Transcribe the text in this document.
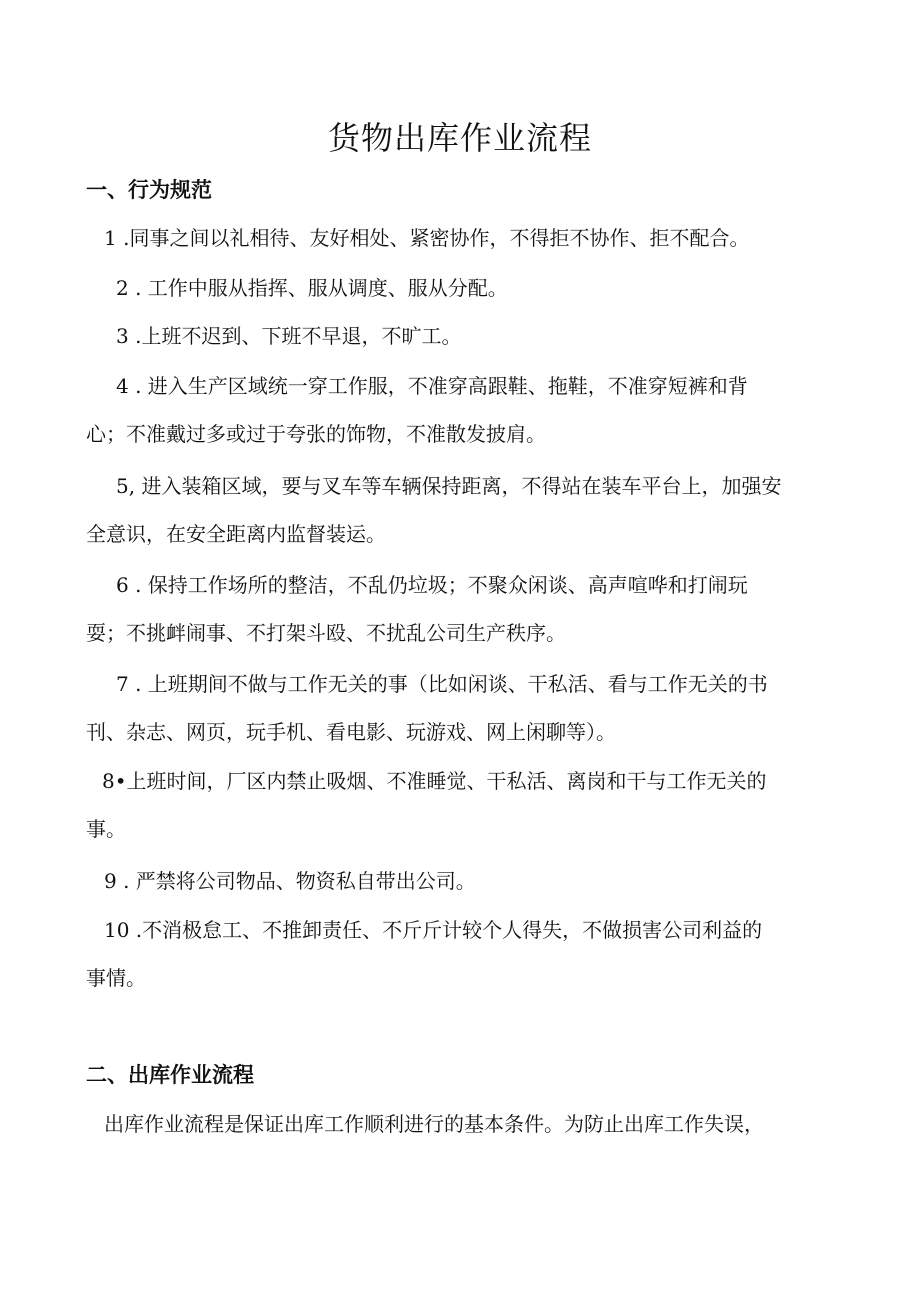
货物出库作业流程
一、行为规范

1 .同事之间以礼相待、友好相处、紧密协作，不得拒不协作、拒不配合。

2 . 工作中服从指挥、服从调度、服从分配。

3 .上班不迟到、下班不早退，不旷工。

4 . 进入生产区域统一穿工作服，不准穿高跟鞋、拖鞋，不准穿短裤和背
心；不准戴过多或过于夸张的饰物，不准散发披肩。

5, 进入装箱区域，要与叉车等车辆保持距离，不得站在装车平台上，加强安
全意识，在安全距离内监督装运。

6 . 保持工作场所的整洁，不乱仍垃圾；不聚众闲谈、高声喧哗和打闹玩
耍；不挑衅闹事、不打架斗殴、不扰乱公司生产秩序。

7 . 上班期间不做与工作无关的事（比如闲谈、干私活、看与工作无关的书
刊、杂志、网页，玩手机、看电影、玩游戏、网上闲聊等）。

8•上班时间，厂区内禁止吸烟、不准睡觉、干私活、离岗和干与工作无关的
事。

9 . 严禁将公司物品、物资私自带出公司。

10 .不消极怠工、不推卸责任、不斤斤计较个人得失，不做损害公司利益的
事情。

二、出库作业流程

出库作业流程是保证出库工作顺利进行的基本条件。为防止出库工作失误，
